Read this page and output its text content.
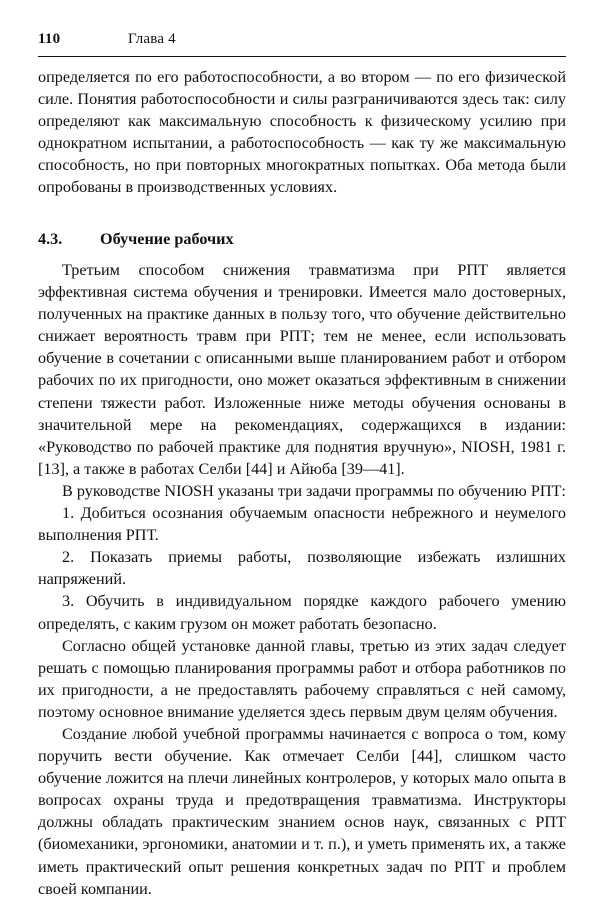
110	Глава 4

определяется по его работоспособности, а во втором — по его физической силе. Понятия работоспособности и силы разграничиваются здесь так: силу определяют как максимальную способность к физическому усилию при однократном испытании, а работоспособность — как ту же максимальную способность, но при повторных многократных попытках. Оба метода были опробованы в производственных условиях.

4.3. Обучение рабочих

Третьим способом снижения травматизма при РПТ является эффективная система обучения и тренировки. Имеется мало достоверных, полученных на практике данных в пользу того, что обучение действительно снижает вероятность травм при РПТ; тем не менее, если использовать обучение в сочетании с описанными выше планированием работ и отбором рабочих по их пригодности, оно может оказаться эффективным в снижении степени тяжести работ. Изложенные ниже методы обучения основаны в значительной мере на рекомендациях, содержащихся в издании: «Руководство по рабочей практике для поднятия вручную», NIOSH, 1981 г. [13], а также в работах Селби [44] и Айюба [39—41].

В руководстве NIOSH указаны три задачи программы по обучению РПТ:

1. Добиться осознания обучаемым опасности небрежного и неумелого выполнения РПТ.

2. Показать приемы работы, позволяющие избежать излишних напряжений.

3. Обучить в индивидуальном порядке каждого рабочего умению определять, с каким грузом он может работать безопасно.

Согласно общей установке данной главы, третью из этих задач следует решать с помощью планирования программы работ и отбора работников по их пригодности, а не предоставлять рабочему справляться с ней самому, поэтому основное внимание уделяется здесь первым двум целям обучения.

Создание любой учебной программы начинается с вопроса о том, кому поручить вести обучение. Как отмечает Селби [44], слишком часто обучение ложится на плечи линейных контролеров, у которых мало опыта в вопросах охраны труда и предотвращения травматизма. Инструкторы должны обладать практическим знанием основ наук, связанных с РПТ (биомеханики, эргономики, анатомии и т. п.), и уметь применять их, а также иметь практический опыт решения конкретных задач по РПТ и проблем своей компании.
